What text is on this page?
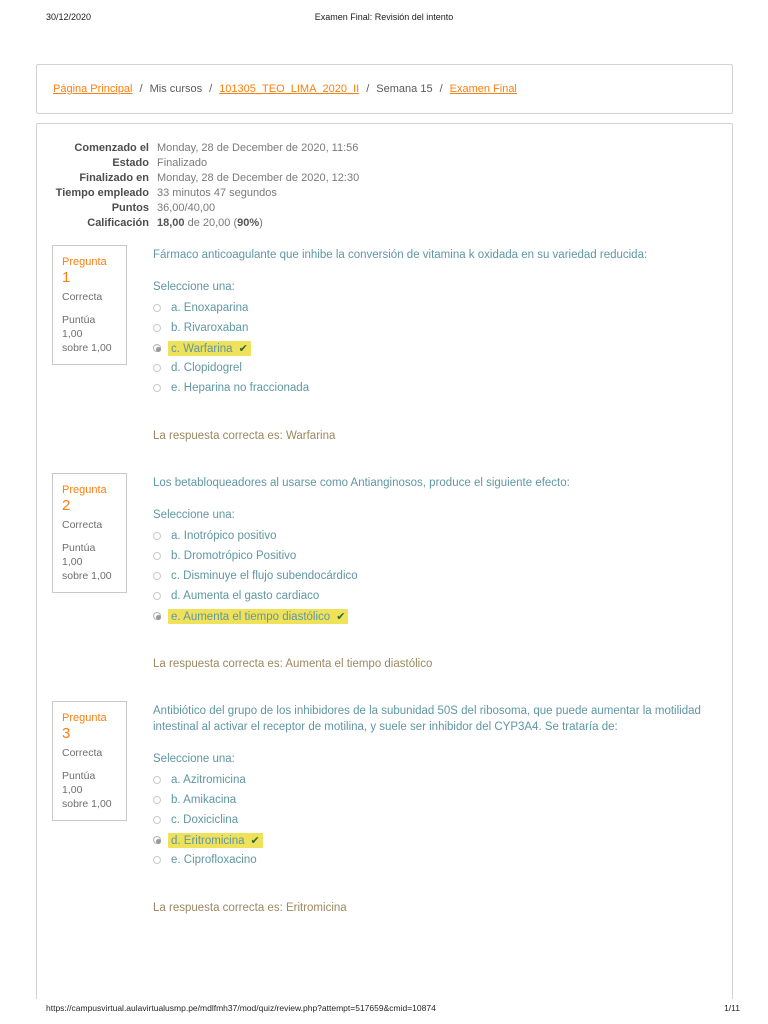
30/12/2020	Examen Final: Revisión del intento
Página Principal / Mis cursos / 101305_TEO_LIMA_2020_II / Semana 15 / Examen Final
Comenzado el Monday, 28 de December de 2020, 11:56
Estado Finalizado
Finalizado en Monday, 28 de December de 2020, 12:30
Tiempo empleado 33 minutos 47 segundos
Puntos 36,00/40,00
Calificación 18,00 de 20,00 (90%)
Pregunta 1
Correcta
Puntúa 1,00
sobre 1,00
Fármaco anticoagulante que inhibe la conversión de vitamina k oxidada en su variedad reducida:
Seleccione una:
a. Enoxaparina
b. Rivaroxaban
c. Warfarina ✔
d. Clopidogrel
e. Heparina no fraccionada
La respuesta correcta es: Warfarina
Pregunta 2
Correcta
Puntúa 1,00
sobre 1,00
Los betabloqueadores al usarse como Antianginosos, produce el siguiente efecto:
Seleccione una:
a. Inotrópico positivo
b. Dromotrópico Positivo
c. Disminuye el flujo subendocárdico
d. Aumenta el gasto cardiaco
e. Aumenta el tiempo diastólico ✔
La respuesta correcta es: Aumenta el tiempo diastólico
Pregunta 3
Correcta
Puntúa 1,00
sobre 1,00
Antibiótico del grupo de los inhibidores de la subunidad 50S del ribosoma, que puede aumentar la motilidad intestinal al activar el receptor de motilina, y suele ser inhibidor del CYP3A4. Se trataría de:
Seleccione una:
a. Azitromicina
b. Amikacina
c. Doxiciclina
d. Eritromicina ✔
e. Ciprofloxacino
La respuesta correcta es: Eritromicina
https://campusvirtual.aulavirtualusmp.pe/mdlfmh37/mod/quiz/review.php?attempt=517659&cmid=10874	1/11
